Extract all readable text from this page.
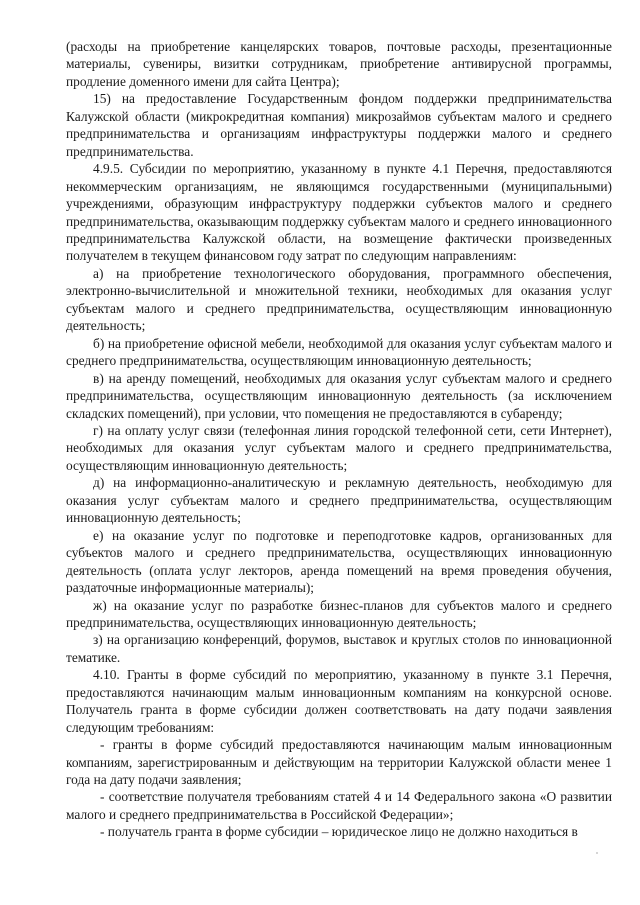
(расходы на приобретение канцелярских товаров, почтовые расходы, презентационные материалы, сувениры, визитки сотрудникам, приобретение антивирусной программы, продление доменного имени для сайта Центра);

15) на предоставление Государственным фондом поддержки предпринимательства Калужской области (микрокредитная компания) микрозаймов субъектам малого и среднего предпринимательства и организациям инфраструктуры поддержки малого и среднего предпринимательства.

4.9.5. Субсидии по мероприятию, указанному в пункте 4.1 Перечня, предоставляются некоммерческим организациям, не являющимся государственными (муниципальными) учреждениями, образующим инфраструктуру поддержки субъектов малого и среднего предпринимательства, оказывающим поддержку субъектам малого и среднего инновационного предпринимательства Калужской области, на возмещение фактически произведенных получателем в текущем финансовом году затрат по следующим направлениям:

а) на приобретение технологического оборудования, программного обеспечения, электронно-вычислительной и множительной техники, необходимых для оказания услуг субъектам малого и среднего предпринимательства, осуществляющим инновационную деятельность;

б) на приобретение офисной мебели, необходимой для оказания услуг субъектам малого и среднего предпринимательства, осуществляющим инновационную деятельность;

в) на аренду помещений, необходимых для оказания услуг субъектам малого и среднего предпринимательства, осуществляющим инновационную деятельность (за исключением складских помещений), при условии, что помещения не предоставляются в субаренду;

г) на оплату услуг связи (телефонная линия городской телефонной сети, сети Интернет), необходимых для оказания услуг субъектам малого и среднего предпринимательства, осуществляющим инновационную деятельность;

д) на информационно-аналитическую и рекламную деятельность, необходимую для оказания услуг субъектам малого и среднего предпринимательства, осуществляющим инновационную деятельность;

е) на оказание услуг по подготовке и переподготовке кадров, организованных для субъектов малого и среднего предпринимательства, осуществляющих инновационную деятельность (оплата услуг лекторов, аренда помещений на время проведения обучения, раздаточные информационные материалы);

ж) на оказание услуг по разработке бизнес-планов для субъектов малого и среднего предпринимательства, осуществляющих инновационную деятельность;

з) на организацию конференций, форумов, выставок и круглых столов по инновационной тематике.

4.10. Гранты в форме субсидий по мероприятию, указанному в пункте 3.1 Перечня, предоставляются начинающим малым инновационным компаниям на конкурсной основе. Получатель гранта в форме субсидии должен соответствовать на дату подачи заявления следующим требованиям:

- гранты в форме субсидий предоставляются начинающим малым инновационным компаниям, зарегистрированным и действующим на территории Калужской области менее 1 года на дату подачи заявления;

- соответствие получателя требованиям статей 4 и 14 Федерального закона «О развитии малого и среднего предпринимательства в Российской Федерации»;

- получатель гранта в форме субсидии – юридическое лицо не должно находиться в
